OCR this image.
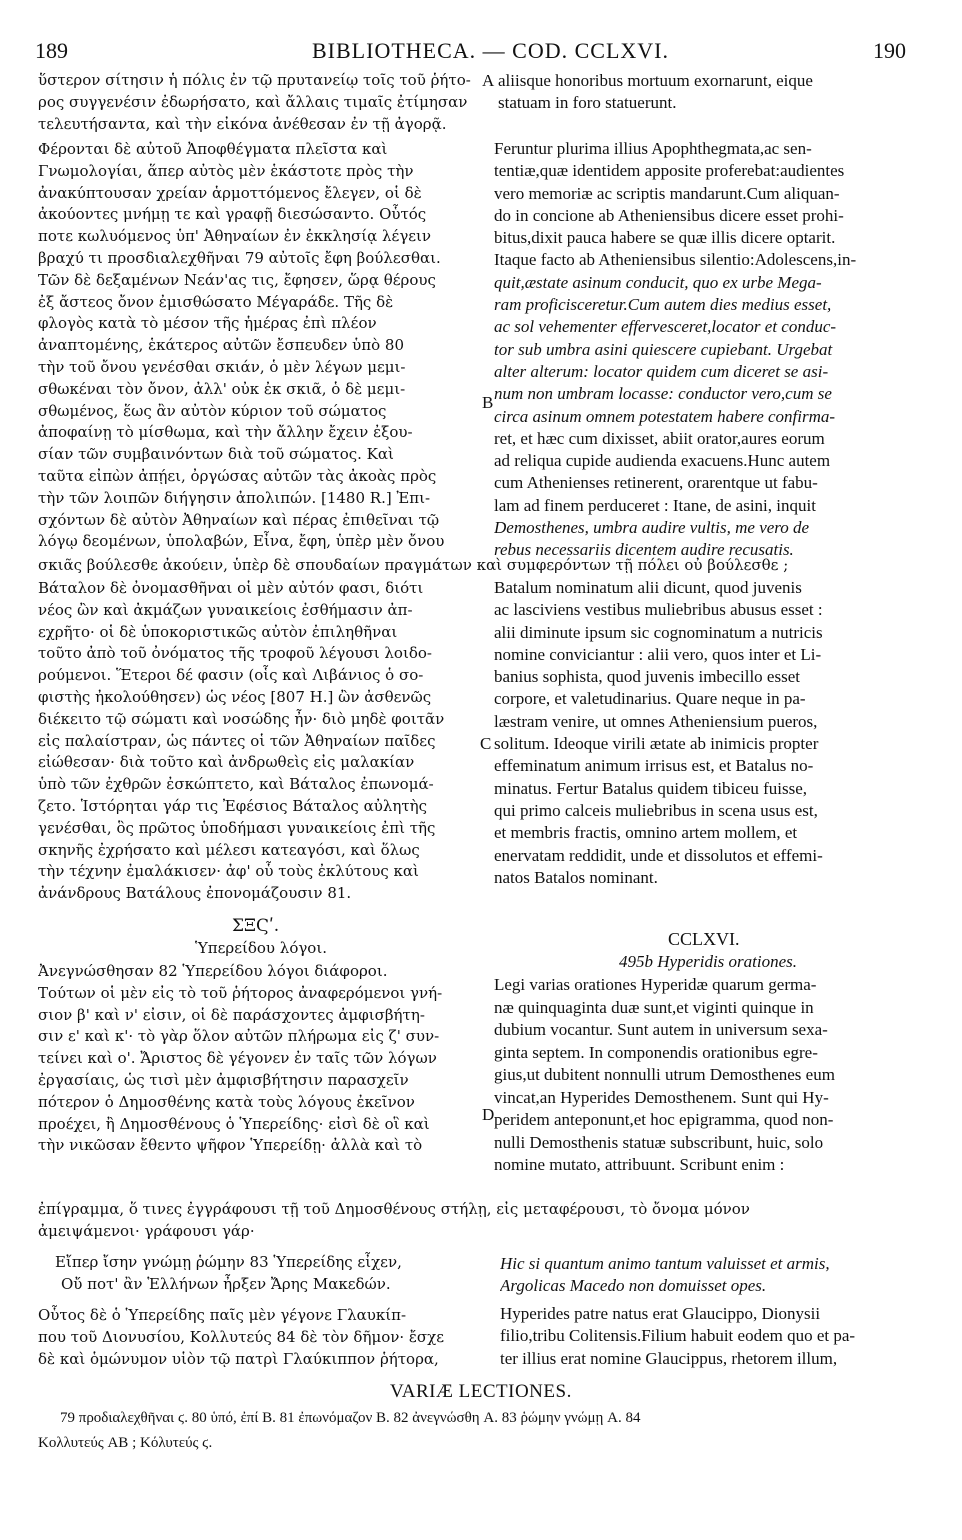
189	BIBLIOTHECA. — COD. CCLXVI.	190
ὕστερον σίτησιν ἡ πόλις ἐν τῷ πρυτανείῳ τοῖς τοῦ ῥήτο-
ρος συγγενέσιν ἐδωρήσατο, καὶ ἄλλαις τιμαῖς ἐτίμησαν
τελευτήσαντα, καὶ τὴν εἰκόνα ἀνέθεσαν ἐν τῇ ἀγορᾷ.
A aliisque honoribus mortuum exornarunt, eique
statuam in foro statuerunt.
Φέρονται δὲ αὐτοῦ Ἀποφθέγματα πλεῖστα καὶ
Γνωμολογίαι, ἅπερ αὐτὸς μὲν ἑκάστοτε πρὸς τὴν
ἀνακύπτουσαν χρείαν ἁρμοττόμενος ἔλεγεν, οἱ δὲ
ἀκούοντες μνήμῃ τε καὶ γραφῇ διεσώσαντο. Οὗτός
ποτε κωλυόμενος ὑπ' Ἀθηναίων ἐν ἐκκλησίᾳ λέγειν
βραχύ τι προσδιαλεχθῆναι 79 αὐτοῖς ἔφη βούλεσθαι.
Τῶν δὲ δεξαμένων Νεάν'ας τις, ἔφησεν, ὥρᾳ θέρους
ἐξ ἄστεος ὄνον ἐμισθώσατο Μέγαράδε. Τῆς δὲ
φλογὸς κατὰ τὸ μέσον τῆς ἡμέρας ἐπὶ πλέον
ἀναπτομένης, ἑκάτερος αὐτῶν ἔσπευδεν ὑπὸ 80
τὴν τοῦ ὄνου γενέσθαι σκιάν, ὁ μὲν λέγων μεμι-
σθωκέναι τὸν ὄνον, ἀλλ' οὐκ ἐκ σκιᾶ, ὁ δὲ μεμι-
σθωμένος, ἕως ἂν αὐτὸν κύριον τοῦ σώματος
ἀποφαίνῃ τὸ μίσθωμα, καὶ τὴν ἄλλην ἔχειν ἐξου-
σίαν τῶν συμβαινόντων διὰ τοῦ σώματος. Καὶ
ταῦτα εἰπὼν ἀπῄει, ὀργώσας αὐτῶν τὰς ἀκοὰς πρὸς
τὴν τῶν λοιπῶν διήγησιν ἀπολιπών. [1480 R.] Ἐπι-
σχόντων δὲ αὐτὸν Ἀθηναίων καὶ πέρας ἐπιθεῖναι τῷ
λόγῳ δεομένων, ὑπολαβών, Εἶνα, ἔφη, ὑπὲρ μὲν ὄνου
B
Feruntur plurima illius Apophthegmata,ac sen-
tentiæ,quæ identidem apposite proferebat:audientes
vero memoriæ ac scriptis mandarunt.Cum aliquan-
do in concione ab Atheniensibus dicere esset prohi-
bitus,dixit pauca habere se quæ illis dicere optarit.
Itaque facto ab Atheniensibus silentio:Adolescens,in-
quit,æstate asinum conducit, quo ex urbe Mega-
ram proficisceretur.Cum autem dies medius esset,
ac sol vehementer effervesceret,locator et conduc-
tor sub umbra asini quiescere cupiebant. Urgebat
alter alterum: locator quidem cum diceret se asi-
num non umbram locasse: conductor vero,cum se
circa asinum omnem potestatem habere confirma-
ret, et hæc cum dixisset, abiit orator,aures eorum
ad reliqua cupide audienda exacuens.Hunc autem
cum Athenienses retinerent, orarentque ut fabu-
lam ad finem perduceret : Itane, de asini, inquit
Demosthenes, umbra audire vultis, me vero de
rebus necessariis dicentem audire recusatis.
σκιᾶς βούλεσθε ἀκούειν, ὑπὲρ δὲ σπουδαίων πραγμάτων καὶ συμφερόντων τῇ πόλει οὐ βούλεσθε ;
Βάταλον δὲ ὀνομασθῆναι οἱ μὲν αὐτόν φασι, διότι
νέος ὢν καὶ ἀκμάζων γυναικείοις ἐσθήμασιν ἀπ-
εχρῆτο· οἱ δὲ ὑποκοριστικῶς αὐτὸν ἐπιληθῆναι
τοῦτο ἀπὸ τοῦ ὀνόματος τῆς τροφοῦ λέγουσι λοιδο-
ρούμενοι. Ἕτεροι δέ φασιν (οἷς καὶ Λιβάνιος ὁ σο-
φιστὴς ἠκολούθησεν) ὡς νέος [807 H.] ὢν ἀσθενῶς
διέκειτο τῷ σώματι καὶ νοσώδης ἦν· διὸ μηδὲ φοιτᾶν
εἰς παλαίστραν, ὡς πάντες οἱ τῶν Ἀθηναίων παῖδες
εἰώθεσαν· διὰ τοῦτο καὶ ἀνδρωθεὶς εἰς μαλακίαν
ὑπὸ τῶν ἐχθρῶν ἐσκώπτετο, καὶ Βάταλος ἐπωνομά-
ζετο. Ἱστόρηται γάρ τις Ἐφέσιος Βάταλος αὐλητὴς
γενέσθαι, ὃς πρῶτος ὑποδήμασι γυναικείοις ἐπὶ τῆς
σκηνῆς ἐχρήσατο καὶ μέλεσι κατεαγόσι, καὶ ὅλως
τὴν τέχνην ἐμαλάκισεν· ἀφ' οὗ τοὺς ἐκλύτους καὶ
ἀνάνδρους Βατάλους ἐπονομάζουσιν 81.
C
Batalum nominatum alii dicunt, quod juvenis
ac lasciviens vestibus muliebribus abusus esset :
alii diminute ipsum sic cognominatum a nutricis
nomine conviciantur : alii vero, quos inter et Li-
banius sophista, quod juvenis imbecillo esset
corpore, et valetudinarius. Quare neque in pa-
læstram venire, ut omnes Atheniensium pueros,
solitum. Ideoque virili ætate ab inimicis propter
effeminatum animum irrisus est, et Batalus no-
minatus. Fertur Batalus quidem tibiceu fuisse,
qui primo calceis muliebribus in scena usus est,
et membris fractis, omnino artem mollem, et
enervatam reddidit, unde et dissolutos et effemi-
natos Batalos nominant.
ΣΞϚʹ.
Ὑπερείδου λόγοι.	CCLXVI.
495b Hyperidis orationes.
Ἀνεγνώσθησαν 82 Ὑπερείδου λόγοι διάφοροι.
Τούτων οἱ μὲν εἰς τὸ τοῦ ῥήτορος ἀναφερόμενοι γνή-
σιον β' καὶ ν' εἰσιν, οἱ δὲ παράσχοντες ἀμφισβήτη-
σιν ε' καὶ κ'· τὸ γὰρ ὅλον αὐτῶν πλήρωμα εἰς ζ' συν-
τείνει καὶ ο'. Ἄριστος δὲ γέγονεν ἐν ταῖς τῶν λόγων
ἐργασίαις, ὡς τισὶ μὲν ἀμφισβήτησιν παρασχεῖν
πότερον ὁ Δημοσθένης κατὰ τοὺς λόγους ἐκεῖνον
προέχει, ἢ Δημοσθένους ὁ Ὑπερείδης· εἰσὶ δὲ οἳ καὶ
τὴν νικῶσαν ἔθεντο ψῆφον Ὑπερείδῃ· ἀλλὰ καὶ τὸ
D
Legi varias orationes Hyperidæ quarum germa-
næ quinquaginta duæ sunt,et viginti quinque in
dubium vocantur. Sunt autem in universum sexa-
ginta septem. In componendis orationibus egre-
gius,ut dubitent nonnulli utrum Demosthenes eum
vincat,an Hyperides Demosthenem. Sunt qui Hy-
peridem anteponunt,et hoc epigramma, quod non-
nulli Demosthenis statuæ subscribunt, huic, solo
nomine mutato, attribuunt. Scribunt enim :
ἐπίγραμμα, ὅ τινες ἐγγράφουσι τῇ τοῦ Δημοσθένους στήλῃ, εἰς μεταφέρουσι, τὸ ὄνομα μόνον
ἀμειψάμενοι· γράφουσι γάρ·
Εἴπερ ἴσην γνώμῃ ῥώμην 83 Ὑπερείδης εἶχεν,
Οὔ ποτ' ἂν Ἑλλήνων ἦρξεν Ἄρης Μακεδών.
Hic si quantum animo tantum valuisset et armis,
Argolicas Macedo non domuisset opes.
Οὗτος δὲ ὁ Ὑπερείδης παῖς μὲν γέγονε Γλαυκίπ-
που τοῦ Διονυσίου, Κολλυτεύς 84 δὲ τὸν δῆμον· ἔσχε
δὲ καὶ ὁμώνυμον υἱὸν τῷ πατρὶ Γλαύκιππον ῥήτορα,
Hyperides patre natus erat Glaucippo, Dionysii
filio,tribu Colitensis.Filium habuit eodem quo et pa-
ter illius erat nomine Glaucippus, rhetorem illum,
VARIÆ LECTIONES.
79 προδιαλεχθῆναι ϛ. 80 ὑπό, ἐπί B. 81 ἐπωνόμαζον B. 82 ἀνεγνώσθη A. 83 ῥώμην γνώμῃ A. 84
Κολλυτεύς AB ; Κόλυτεύς ϛ.
